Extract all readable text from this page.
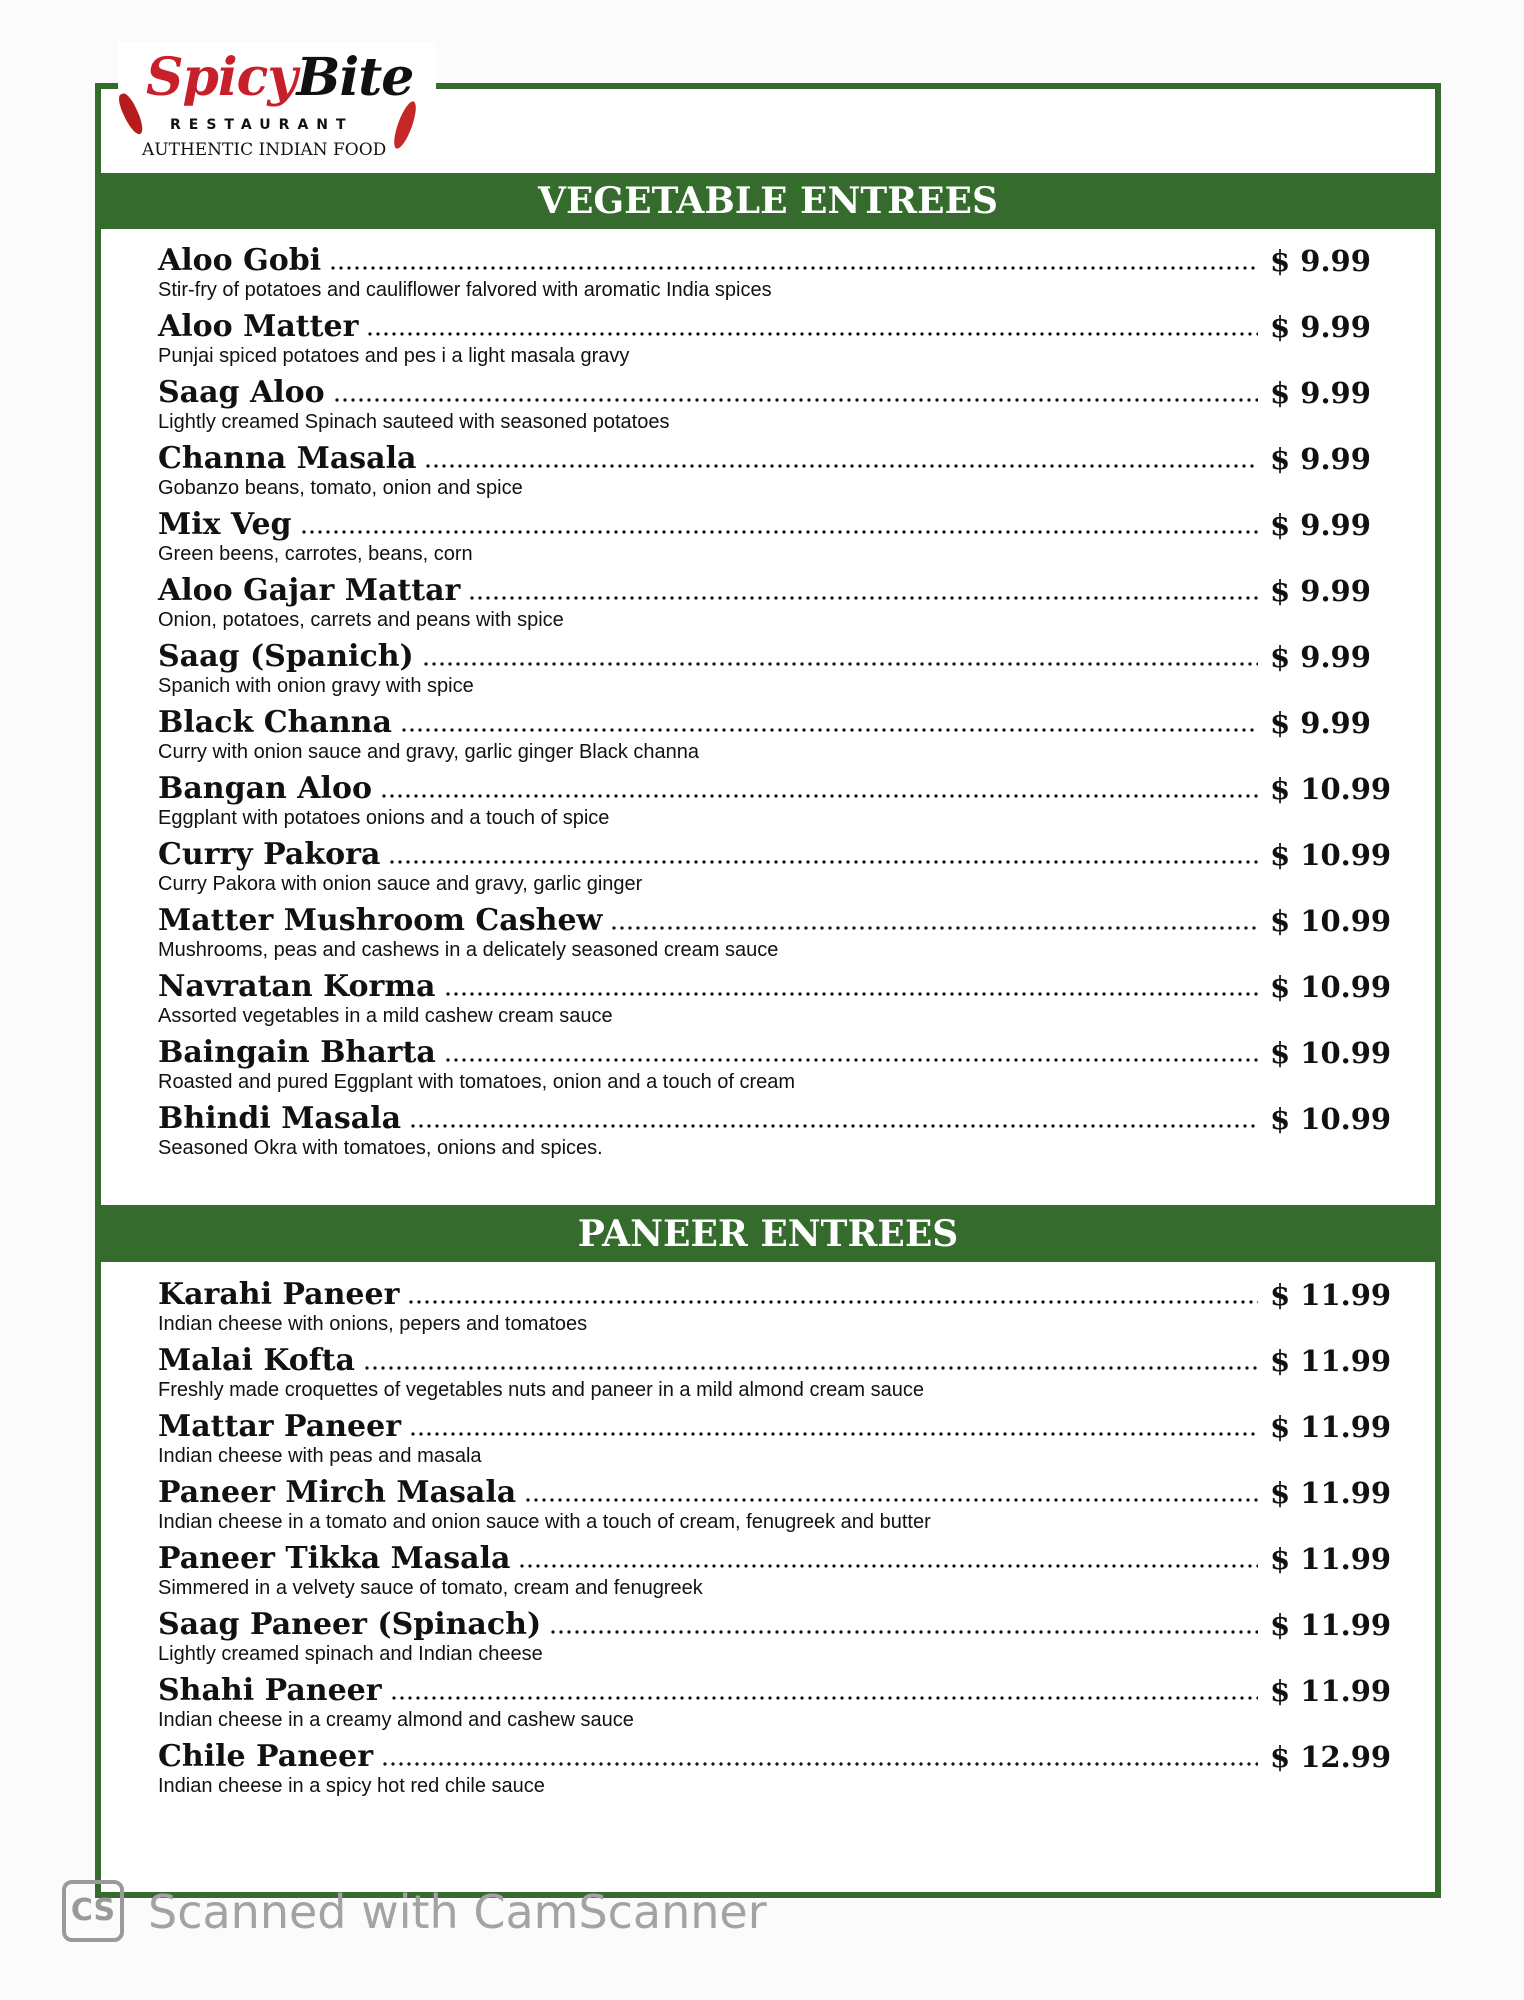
SpicyBite
RESTAURANT
AUTHENTIC INDIAN FOOD
VEGETABLE ENTREES
Aloo Gobi	$ 9.99
Stir-fry of potatoes and cauliflower falvored with aromatic India spices
Aloo Matter	$ 9.99
Punjai spiced potatoes and pes i a light masala gravy
Saag Aloo	$ 9.99
Lightly creamed Spinach sauteed with seasoned potatoes
Channa Masala	$ 9.99
Gobanzo beans, tomato, onion and spice
Mix Veg	$ 9.99
Green beens, carrotes, beans, corn
Aloo Gajar Mattar	$ 9.99
Onion, potatoes, carrets and peans with spice
Saag (Spanich)	$ 9.99
Spanich with onion gravy with spice
Black Channa	$ 9.99
Curry with onion sauce and gravy, garlic ginger Black channa
Bangan Aloo	$ 10.99
Eggplant with potatoes onions and a touch of spice
Curry Pakora	$ 10.99
Curry Pakora with onion sauce and gravy, garlic ginger
Matter Mushroom Cashew	$ 10.99
Mushrooms, peas and cashews in a delicately seasoned cream sauce
Navratan Korma	$ 10.99
Assorted vegetables in a mild cashew cream sauce
Baingain Bharta	$ 10.99
Roasted and pured Eggplant with tomatoes, onion and a touch of cream
Bhindi Masala	$ 10.99
Seasoned Okra with tomatoes, onions and spices.
PANEER ENTREES
Karahi Paneer	$ 11.99
Indian cheese with onions, pepers and tomatoes
Malai Kofta	$ 11.99
Freshly made croquettes of vegetables nuts and paneer in a mild almond cream sauce
Mattar Paneer	$ 11.99
Indian cheese with peas and masala
Paneer Mirch Masala	$ 11.99
Indian cheese in a tomato and onion sauce with a touch of cream, fenugreek and butter
Paneer Tikka Masala	$ 11.99
Simmered in a velvety sauce of tomato, cream and fenugreek
Saag Paneer (Spinach)	$ 11.99
Lightly creamed spinach and Indian cheese
Shahi Paneer	$ 11.99
Indian cheese in a creamy almond and cashew sauce
Chile Paneer	$ 12.99
Indian cheese in a spicy hot red chile sauce
CS Scanned with CamScanner
